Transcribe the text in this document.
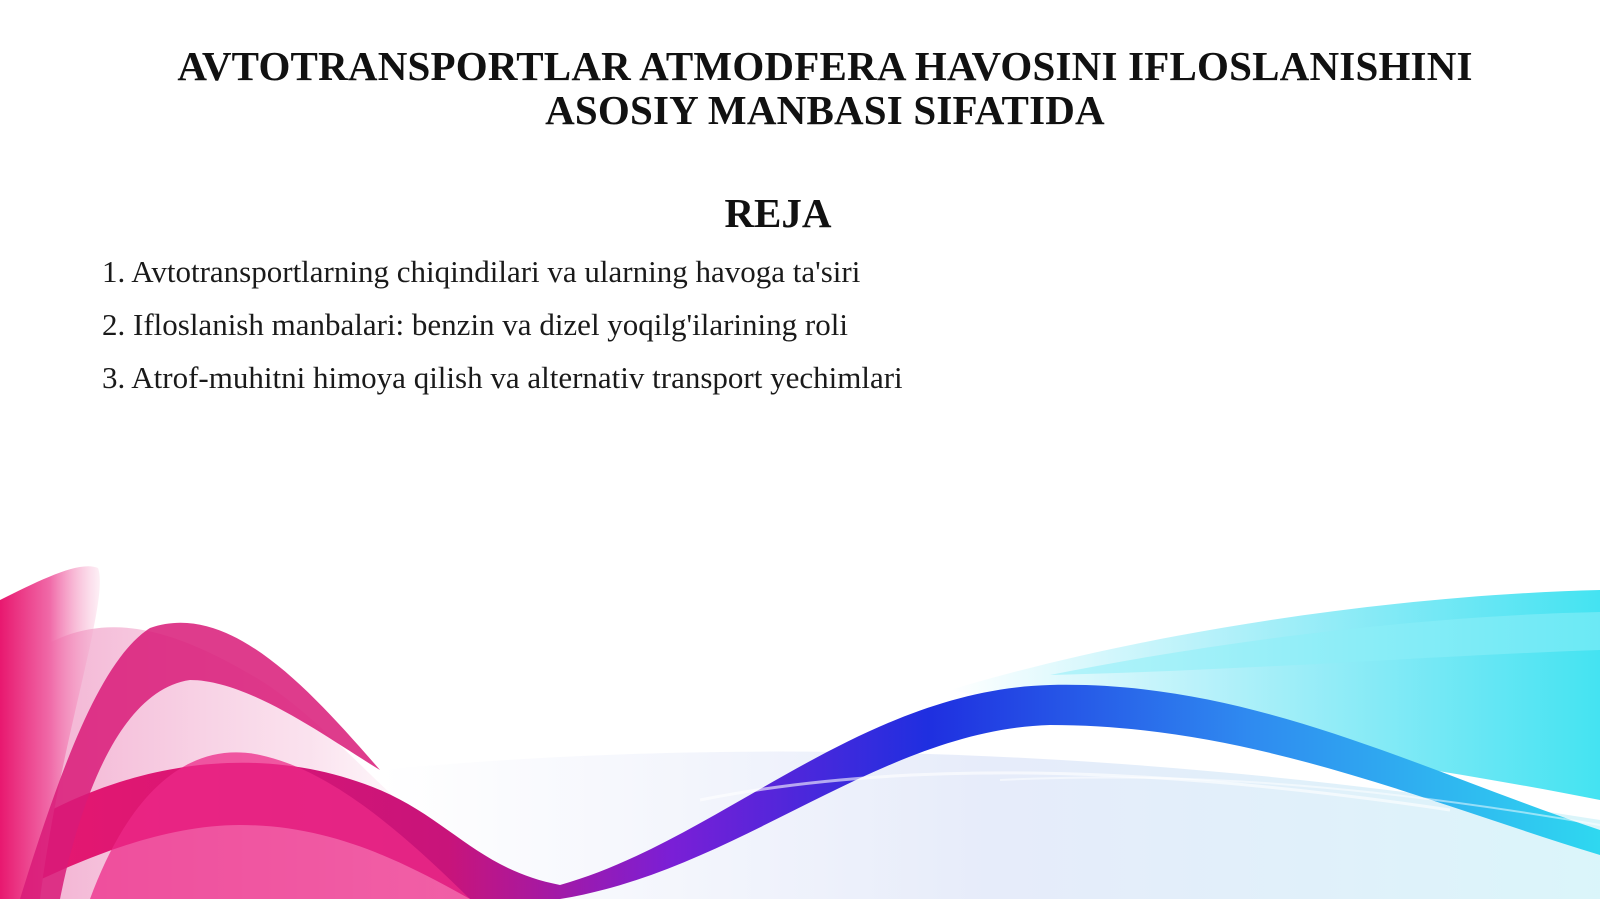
AVTOTRANSPORTLAR ATMODFERA HAVOSINI IFLOSLANISHINI
ASOSIY MANBASI SIFATIDA
REJA
1. Avtotransportlarning chiqindilari va ularning havoga ta'siri
2. Ifloslanish manbalari: benzin va dizel yoqilg'ilarining roli
3. Atrof-muhitni himoya qilish va alternativ transport yechimlari
